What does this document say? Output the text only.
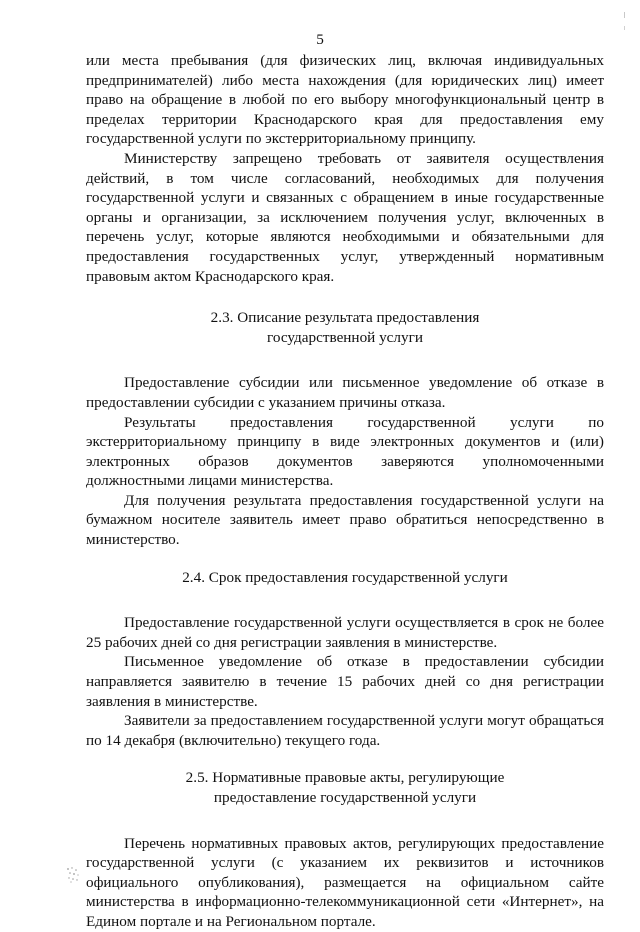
5

или места пребывания (для физических лиц, включая индивидуальных предпринимателей) либо места нахождения (для юридических лиц) имеет право на обращение в любой по его выбору многофункциональный центр в пределах территории Краснодарского края для предоставления ему государственной услуги по экстерриториальному принципу.

Министерству запрещено требовать от заявителя осуществления действий, в том числе согласований, необходимых для получения государственной услуги и связанных с обращением в иные государственные органы и организации, за исключением получения услуг, включенных в перечень услуг, которые являются необходимыми и обязательными для предоставления государственных услуг, утвержденный нормативным правовым актом Краснодарского края.

2.3. Описание результата предоставления

государственной услуги

Предоставление субсидии или письменное уведомление об отказе в предоставлении субсидии с указанием причины отказа.

Результаты предоставления государственной услуги по экстерриториальному принципу в виде электронных документов и (или) электронных образов документов заверяются уполномоченными должностными лицами министерства.

Для получения результата предоставления государственной услуги на бумажном носителе заявитель имеет право обратиться непосредственно в министерство.

2.4. Срок предоставления государственной услуги

Предоставление государственной услуги осуществляется в срок не более 25 рабочих дней со дня регистрации заявления в министерстве.

Письменное уведомление об отказе в предоставлении субсидии направляется заявителю в течение 15 рабочих дней со дня регистрации заявления в министерстве.

Заявители за предоставлением государственной услуги могут обращаться по 14 декабря (включительно) текущего года.

2.5. Нормативные правовые акты, регулирующие

предоставление государственной услуги

Перечень нормативных правовых актов, регулирующих предоставление государственной услуги (с указанием их реквизитов и источников официального опубликования), размещается на официальном сайте министерства в информационно-телекоммуникационной сети «Интернет», на Едином портале и на Региональном портале.
